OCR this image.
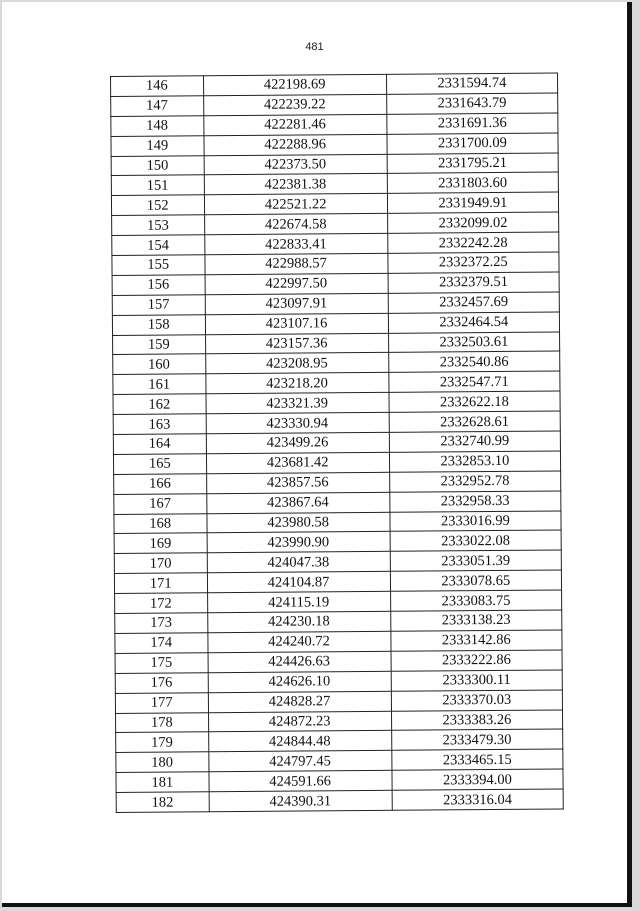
481
146	422198.69	2331594.74
147	422239.22	2331643.79
148	422281.46	2331691.36
149	422288.96	2331700.09
150	422373.50	2331795.21
151	422381.38	2331803.60
152	422521.22	2331949.91
153	422674.58	2332099.02
154	422833.41	2332242.28
155	422988.57	2332372.25
156	422997.50	2332379.51
157	423097.91	2332457.69
158	423107.16	2332464.54
159	423157.36	2332503.61
160	423208.95	2332540.86
161	423218.20	2332547.71
162	423321.39	2332622.18
163	423330.94	2332628.61
164	423499.26	2332740.99
165	423681.42	2332853.10
166	423857.56	2332952.78
167	423867.64	2332958.33
168	423980.58	2333016.99
169	423990.90	2333022.08
170	424047.38	2333051.39
171	424104.87	2333078.65
172	424115.19	2333083.75
173	424230.18	2333138.23
174	424240.72	2333142.86
175	424426.63	2333222.86
176	424626.10	2333300.11
177	424828.27	2333370.03
178	424872.23	2333383.26
179	424844.48	2333479.30
180	424797.45	2333465.15
181	424591.66	2333394.00
182	424390.31	2333316.04
